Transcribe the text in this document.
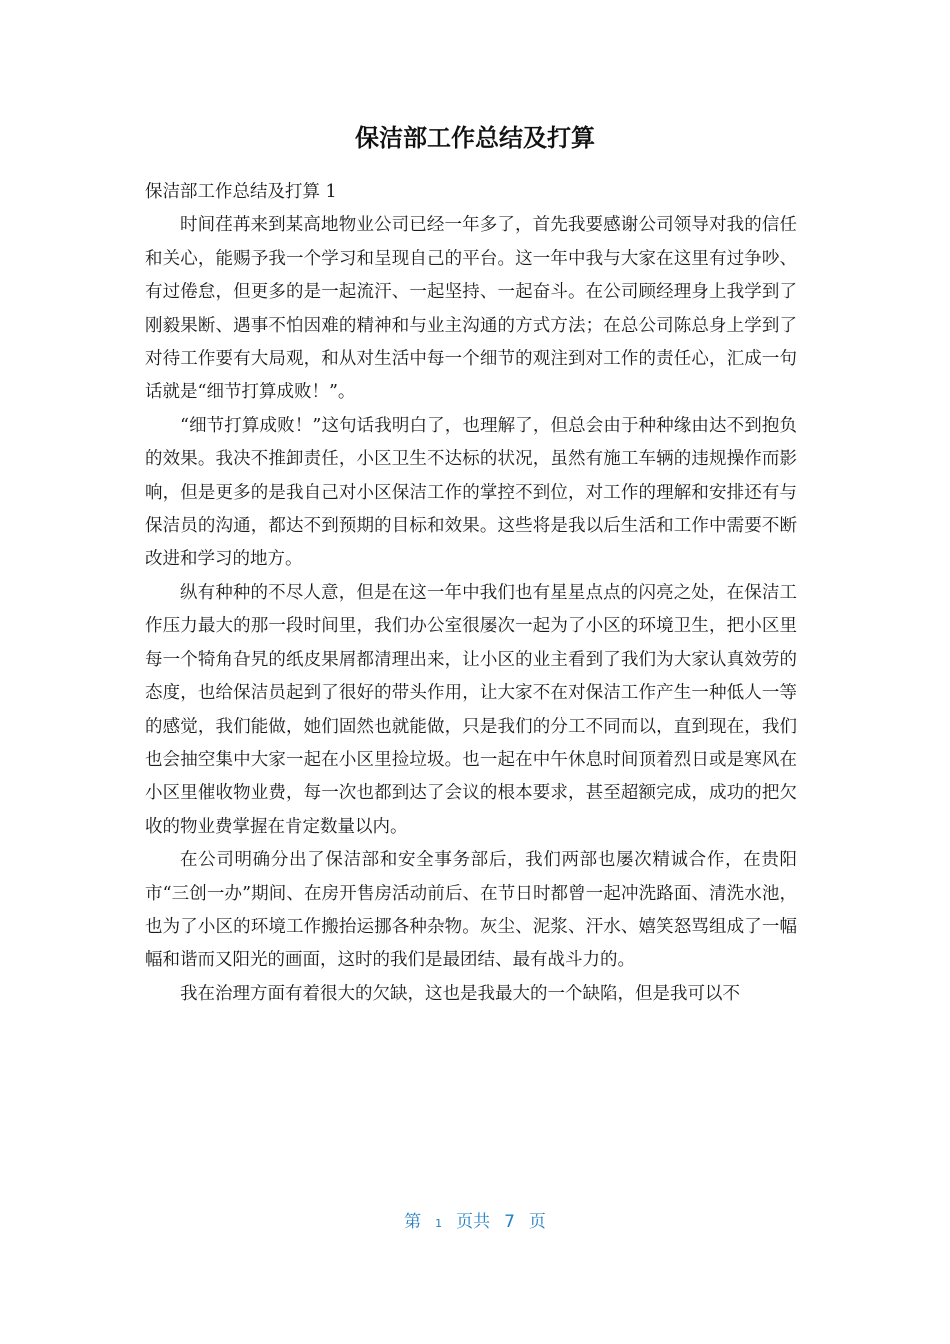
保洁部工作总结及打算

保洁部工作总结及打算 1

时间荏苒来到某高地物业公司已经一年多了，首先我要感谢公司领导对我的信任和关心，能赐予我一个学习和呈现自己的平台。这一年中我与大家在这里有过争吵、有过倦怠，但更多的是一起流汗、一起坚持、一起奋斗。在公司顾经理身上我学到了刚毅果断、遇事不怕因难的精神和与业主沟通的方式方法；在总公司陈总身上学到了对待工作要有大局观，和从对生活中每一个细节的观注到对工作的责任心，汇成一句话就是“细节打算成败！”。

“细节打算成败！”这句话我明白了，也理解了，但总会由于种种缘由达不到抱负的效果。我决不推卸责任，小区卫生不达标的状况，虽然有施工车辆的违规操作而影响，但是更多的是我自己对小区保洁工作的掌控不到位，对工作的理解和安排还有与保洁员的沟通，都达不到预期的目标和效果。这些将是我以后生活和工作中需要不断改进和学习的地方。

纵有种种的不尽人意，但是在这一年中我们也有星星点点的闪亮之处，在保洁工作压力最大的那一段时间里，我们办公室很屡次一起为了小区的环境卫生，把小区里每一个犄角旮旯的纸皮果屑都清理出来，让小区的业主看到了我们为大家认真效劳的态度，也给保洁员起到了很好的带头作用，让大家不在对保洁工作产生一种低人一等的感觉，我们能做，她们固然也就能做，只是我们的分工不同而以，直到现在，我们也会抽空集中大家一起在小区里捡垃圾。也一起在中午休息时间顶着烈日或是寒风在小区里催收物业费，每一次也都到达了会议的根本要求，甚至超额完成，成功的把欠收的物业费掌握在肯定数量以内。

在公司明确分出了保洁部和安全事务部后，我们两部也屡次精诚合作，在贵阳市“三创一办”期间、在房开售房活动前后、在节日时都曾一起冲洗路面、清洗水池，也为了小区的环境工作搬抬运挪各种杂物。灰尘、泥浆、汗水、嬉笑怒骂组成了一幅幅和谐而又阳光的画面，这时的我们是最团结、最有战斗力的。

我在治理方面有着很大的欠缺，这也是我最大的一个缺陷，但是我可以不

第 1 页共 7 页
